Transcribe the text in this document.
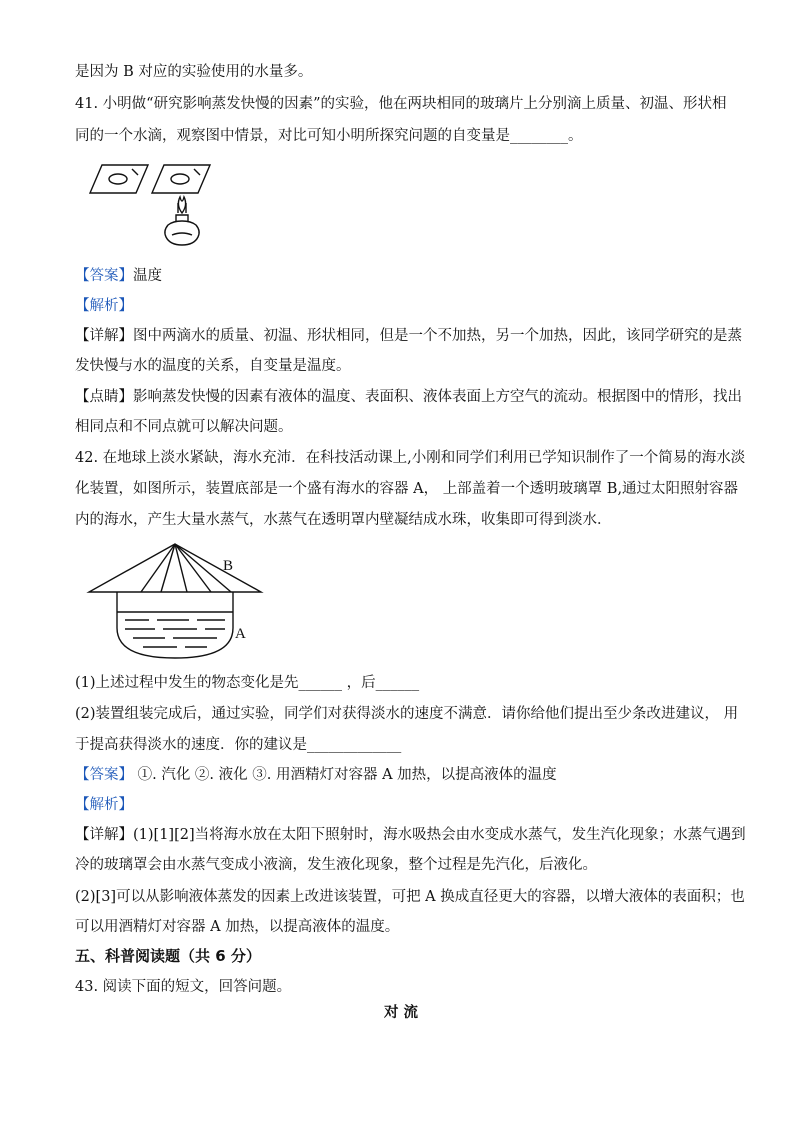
是因为 B 对应的实验使用的水量多。
41. 小明做“研究影响蒸发快慢的因素”的实验，他在两块相同的玻璃片上分别滴上质量、初温、形状相
同的一个水滴，观察图中情景，对比可知小明所探究问题的自变量是________。
【答案】温度
【解析】
【详解】图中两滴水的质量、初温、形状相同，但是一个不加热，另一个加热，因此，该同学研究的是蒸
发快慢与水的温度的关系，自变量是温度。
【点睛】影响蒸发快慢的因素有液体的温度、表面积、液体表面上方空气的流动。根据图中的情形，找出
相同点和不同点就可以解决问题。
42. 在地球上淡水紧缺，海水充沛．在科技活动课上,小刚和同学们利用已学知识制作了一个简易的海水淡
化装置，如图所示，装置底部是一个盛有海水的容器 A， 上部盖着一个透明玻璃罩 B,通过太阳照射容器
内的海水，产生大量水蒸气，水蒸气在透明罩内壁凝结成水珠，收集即可得到淡水．
B
A
(1)上述过程中发生的物态变化是先______ ，后______
(2)装置组装完成后，通过实验，同学们对获得淡水的速度不满意．请你给他们提出至少条改进建议， 用
于提高获得淡水的速度．你的建议是_____________
【答案】 ①. 汽化 ②. 液化 ③. 用酒精灯对容器 A 加热，以提高液体的温度
【解析】
【详解】(1)[1][2]当将海水放在太阳下照射时，海水吸热会由水变成水蒸气，发生汽化现象；水蒸气遇到
冷的玻璃罩会由水蒸气变成小液滴，发生液化现象，整个过程是先汽化，后液化。
(2)[3]可以从影响液体蒸发的因素上改进该装置，可把 A 换成直径更大的容器，以增大液体的表面积；也
可以用酒精灯对容器 A 加热，以提高液体的温度。
五、科普阅读题（共 6 分）
43. 阅读下面的短文，回答问题。
对 流
